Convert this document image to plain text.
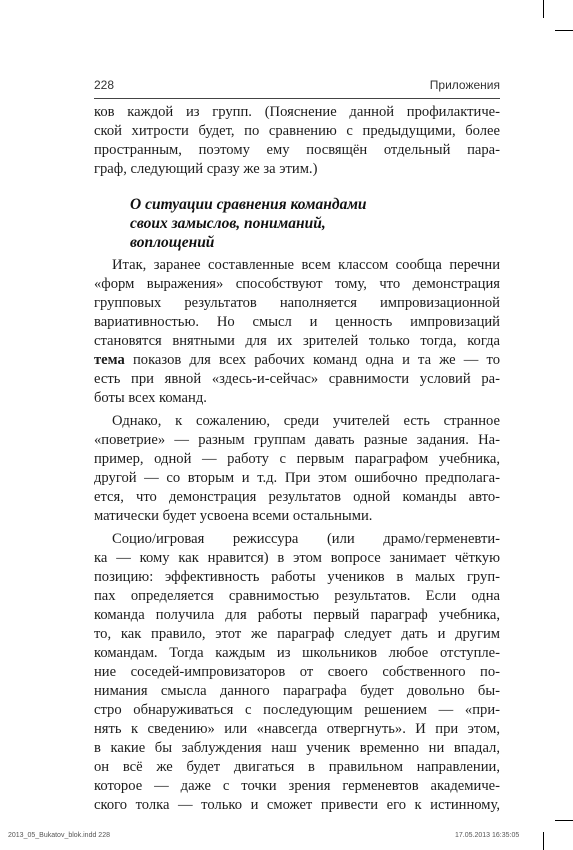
228	Приложения
ков каждой из групп. (Пояснение данной профилактиче-
ской хитрости будет, по сравнению с предыдущими, более
пространным, поэтому ему посвящён отдельный пара-
граф, следующий сразу же за этим.)
О ситуации сравнения командами
своих замыслов, пониманий,
воплощений
Итак, заранее составленные всем классом сообща перечни
«форм выражения» способствуют тому, что демонстрация
групповых результатов наполняется импровизационной
вариативностью. Но смысл и ценность импровизаций
становятся внятными для их зрителей только тогда, когда
тема показов для всех рабочих команд одна и та же — то
есть при явной «здесь-и-сейчас» сравнимости условий ра-
боты всех команд.
Однако, к сожалению, среди учителей есть странное
«поветрие» — разным группам давать разные задания. На-
пример, одной — работу с первым параграфом учебника,
другой — со вторым и т.д. При этом ошибочно предполага-
ется, что демонстрация результатов одной команды авто-
матически будет усвоена всеми остальными.
Социо/игровая режиссура (или драмо/герменевти-
ка — кому как нравится) в этом вопросе занимает чёткую
позицию: эффективность работы учеников в малых груп-
пах определяется сравнимостью результатов. Если одна
команда получила для работы первый параграф учебника,
то, как правило, этот же параграф следует дать и другим
командам. Тогда каждым из школьников любое отступле-
ние соседей-импровизаторов от своего собственного по-
нимания смысла данного параграфа будет довольно бы-
стро обнаруживаться с последующим решением — «при-
нять к сведению» или «навсегда отвергнуть». И при этом,
в какие бы заблуждения наш ученик временно ни впадал,
он всё же будет двигаться в правильном направлении,
которое — даже с точки зрения герменевтов академиче-
ского толка — только и сможет привести его к истинному,
2013_05_Bukatov_blok.indd 228	17.05.2013 16:35:05
